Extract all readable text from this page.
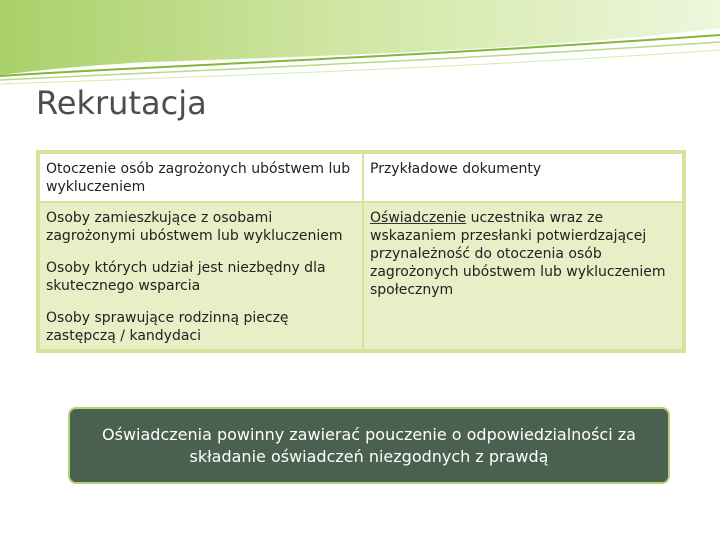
Rekrutacja
Otoczenie osób zagrożonych ubóstwem lub wykluczeniem
Przykładowe dokumenty

Osoby zamieszkujące z osobami zagrożonymi ubóstwem lub wykluczeniem

Osoby których udział jest niezbędny dla skutecznego wsparcia

Osoby sprawujące rodzinną pieczę zastępczą / kandydaci

Oświadczenie uczestnika wraz ze wskazaniem przesłanki potwierdzającej przynależność do otoczenia osób zagrożonych ubóstwem lub wykluczeniem społecznym
Oświadczenia powinny zawierać pouczenie o odpowiedzialności za składanie oświadczeń niezgodnych z prawdą
